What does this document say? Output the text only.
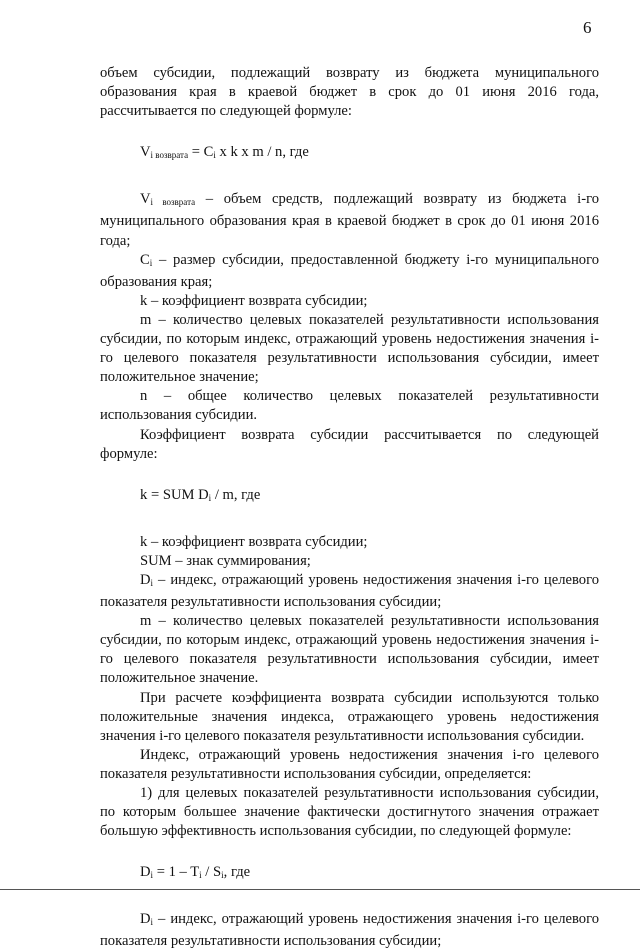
6

объем субсидии, подлежащий возврату из бюджета муниципального образования края в краевой бюджет в срок до 01 июня 2016 года, рассчитывается по следующей формуле:

$V_{i возврата} = C_i$ x k x m / n, где

$V_{i возврата}$ – объем средств, подлежащий возврату из бюджета i-го муниципального образования края в краевой бюджет в срок до 01 июня 2016 года;

$C_i$ – размер субсидии, предоставленной бюджету i-го муниципального образования края;

k – коэффициент возврата субсидии;

m – количество целевых показателей результативности использования субсидии, по которым индекс, отражающий уровень недостижения значения i-го целевого показателя результативности использования субсидии, имеет положительное значение;

n – общее количество целевых показателей результативности использования субсидии.

Коэффициент возврата субсидии рассчитывается по следующей формуле:

k = SUM $D_i$ / m, где

k – коэффициент возврата субсидии;

SUM – знак суммирования;

$D_i$ – индекс, отражающий уровень недостижения значения i-го целевого показателя результативности использования субсидии;

m – количество целевых показателей результативности использования субсидии, по которым индекс, отражающий уровень недостижения значения i-го целевого показателя результативности использования субсидии, имеет положительное значение.

При расчете коэффициента возврата субсидии используются только положительные значения индекса, отражающего уровень недостижения значения i-го целевого показателя результативности использования субсидии.

Индекс, отражающий уровень недостижения значения i-го целевого показателя результативности использования субсидии, определяется:

1) для целевых показателей результативности использования субсидии, по которым большее значение фактически достигнутого значения отражает большую эффективность использования субсидии, по следующей формуле:

$D_i = 1 - T_i / S_i$, где

$D_i$ – индекс, отражающий уровень недостижения значения i-го целевого показателя результативности использования субсидии;
